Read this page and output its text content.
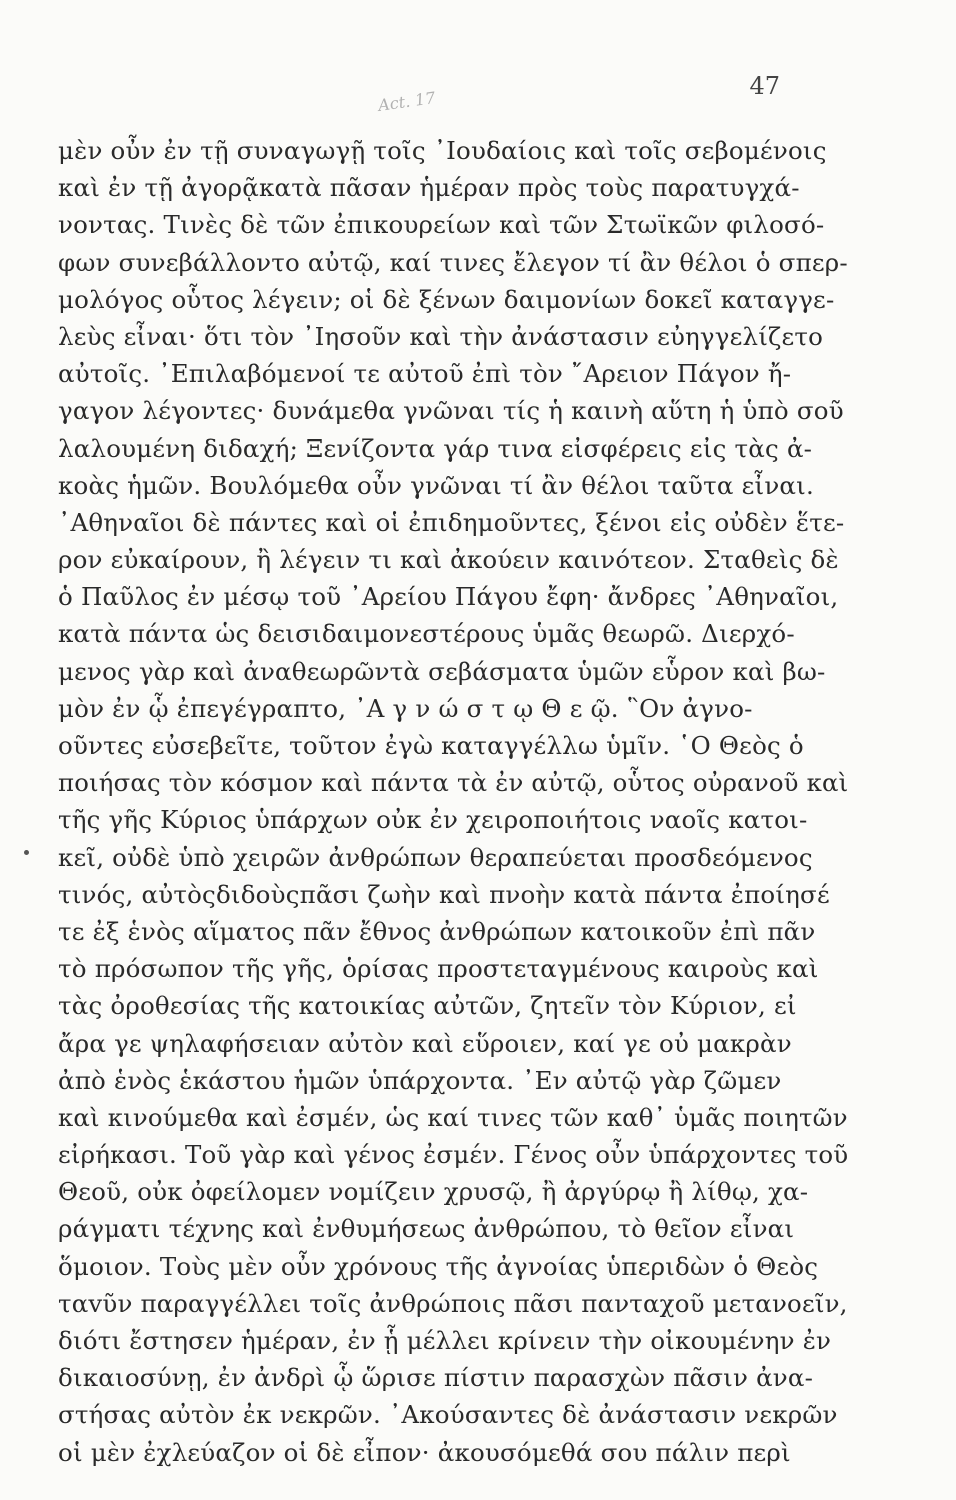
47
Act. 17
μὲν οὖν ἐν τῇ συναγωγῇ τοῖς ᾿Ιουδαίοις καὶ τοῖς σεβομένοις
καὶ ἐν τῇ ἀγορᾷκατὰ πᾶσαν ἡμέραν πρὸς τοὺς παρατυγχά-
νοντας. Τινὲς δὲ τῶν ἐπικουρείων καὶ τῶν Στωϊκῶν φιλοσό-
φων συνεβάλλοντο αὐτῷ, καί τινες ἔλεγον τί ἂν θέλοι ὁ σπερ-
μολόγος οὗτος λέγειν; οἱ δὲ ξένων δαιμονίων δοκεῖ καταγγε-
λεὺς εἶναι· ὅτι τὸν ᾿Ιησοῦν καὶ τὴν ἀνάστασιν εὐηγγελίζετο
αὐτοῖς. ᾿Επιλαβόμενοί τε αὐτοῦ ἐπὶ τὸν ῎Αρειον Πάγον ἤ-
γαγον λέγοντες· δυνάμεθα γνῶναι τίς ἡ καινὴ αὕτη ἡ ὑπὸ σοῦ
λαλουμένη διδαχή; Ξενίζοντα γάρ τινα εἰσφέρεις εἰς τὰς ἀ-
κοὰς ἡμῶν. Βουλόμεθα οὖν γνῶναι τί ἂν θέλοι ταῦτα εἶναι.
᾿Αθηναῖοι δὲ πάντες καὶ οἱ ἐπιδημοῦντες, ξένοι εἰς οὐδὲν ἕτε-
ρον εὐκαίρουν, ἢ λέγειν τι καὶ ἀκούειν καινότεον. Σταθεὶς δὲ
ὁ Παῦλος ἐν μέσῳ τοῦ ᾿Αρείου Πάγου ἔφη· ἄνδρες ᾿Αθηναῖοι,
κατὰ πάντα ὡς δεισιδαιμονεστέρους ὑμᾶς θεωρῶ. Διερχό-
μενος γὰρ καὶ ἀναθεωρῶντὰ σεβάσματα ὑμῶν εὗρον καὶ βω-
μὸν ἐν ᾧ ἐπεγέγραπτο, ᾿Α γ ν ώ σ τ ῳ Θ ε ῷ. ῝Ον ἀγνο-
οῦντες εὐσεβεῖτε, τοῦτον ἐγὼ καταγγέλλω ὑμῖν. ῾Ο Θεὸς ὁ
ποιήσας τὸν κόσμον καὶ πάντα τὰ ἐν αὐτῷ, οὗτος οὐρανοῦ καὶ
τῆς γῆς Κύριος ὑπάρχων οὐκ ἐν χειροποιήτοις ναοῖς κατοι-
κεῖ, οὐδὲ ὑπὸ χειρῶν ἀνθρώπων θεραπεύεται προσδεόμενος
τινός, αὐτὸςδιδοὺςπᾶσι ζωὴν καὶ πνοὴν κατὰ πάντα ἐποίησέ
τε ἐξ ἑνὸς αἵματος πᾶν ἔθνος ἀνθρώπων κατοικοῦν ἐπὶ πᾶν
τὸ πρόσωπον τῆς γῆς, ὁρίσας προστεταγμένους καιροὺς καὶ
τὰς ὀροθεσίας τῆς κατοικίας αὐτῶν, ζητεῖν τὸν Κύριον, εἰ
ἄρα γε ψηλαφήσειαν αὐτὸν καὶ εὕροιεν, καί γε οὐ μακρὰν
ἀπὸ ἑνὸς ἑκάστου ἡμῶν ὑπάρχοντα. ᾿Εν αὐτῷ γὰρ ζῶμεν
καὶ κινούμεθα καὶ ἐσμέν, ὡς καί τινες τῶν καθ᾿ ὑμᾶς ποιητῶν
εἰρήκασι. Τοῦ γὰρ καὶ γένος ἐσμέν. Γένος οὖν ὑπάρχοντες τοῦ
Θεοῦ, οὐκ ὀφείλομεν νομίζειν χρυσῷ, ἢ ἀργύρῳ ἢ λίθῳ, χα-
ράγματι τέχνης καὶ ἐνθυμήσεως ἀνθρώπου, τὸ θεῖον εἶναι
ὅμοιον. Τοὺς μὲν οὖν χρόνους τῆς ἀγνοίας ὑπεριδὼν ὁ Θεὸς
ταvῦν παραγγέλλει τοῖς ἀνθρώποις πᾶσι πανταχοῦ μετανοεῖν,
διότι ἔστησεν ἡμέραν, ἐν ᾗ μέλλει κρίνειν τὴν οἰκουμένην ἐν
δικαιοσύνῃ, ἐν ἀνδρὶ ᾧ ὥρισε πίστιν παρασχὼν πᾶσιν ἀνα-
στήσας αὐτὸν ἐκ νεκρῶν. ᾿Ακούσαντες δὲ ἀνάστασιν νεκρῶν
οἱ μὲν ἐχλεύαζον οἱ δὲ εἶπον· ἀκουσόμεθά σου πάλιν περὶ
